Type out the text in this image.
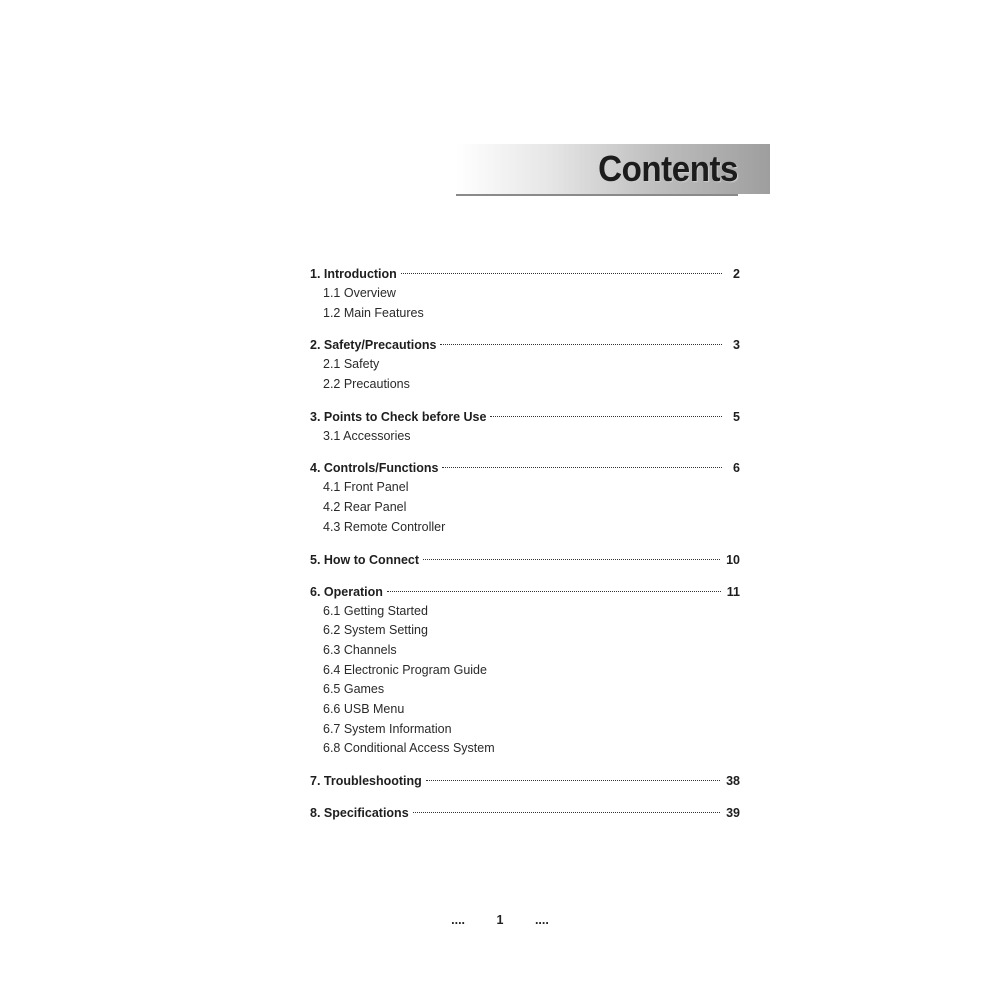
Contents
1. Introduction	2
1.1 Overview
1.2 Main Features
2. Safety/Precautions	3
2.1 Safety
2.2 Precautions
3. Points to Check before Use	5
3.1 Accessories
4. Controls/Functions	6
4.1 Front Panel
4.2 Rear Panel
4.3 Remote Controller
5. How to Connect	10
6. Operation	11
6.1 Getting Started
6.2 System Setting
6.3 Channels
6.4 Electronic Program Guide
6.5 Games
6.6 USB Menu
6.7 System Information
6.8 Conditional Access System
7. Troubleshooting	38
8. Specifications	39
....	1	....
